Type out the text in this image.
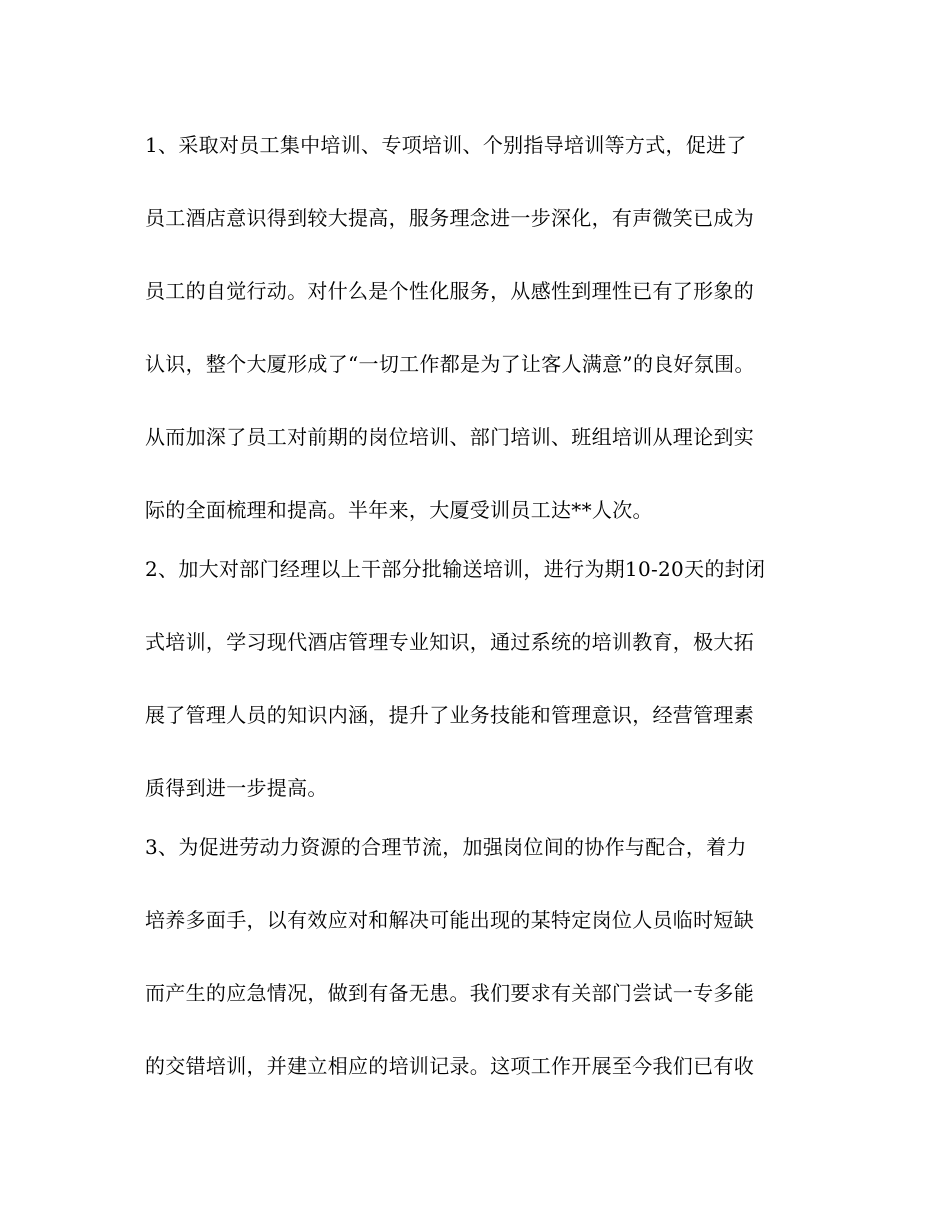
1、采取对员工集中培训、专项培训、个别指导培训等方式，促进了

员工酒店意识得到较大提高，服务理念进一步深化，有声微笑已成为

员工的自觉行动。对什么是个性化服务，从感性到理性已有了形象的

认识，整个大厦形成了“一切工作都是为了让客人满意”的良好氛围。

从而加深了员工对前期的岗位培训、部门培训、班组培训从理论到实

际的全面梳理和提高。半年来，大厦受训员工达**人次。

2、加大对部门经理以上干部分批输送培训，进行为期10-20天的封闭

式培训，学习现代酒店管理专业知识，通过系统的培训教育，极大拓

展了管理人员的知识内涵，提升了业务技能和管理意识，经营管理素

质得到进一步提高。

3、为促进劳动力资源的合理节流，加强岗位间的协作与配合，着力

培养多面手，以有效应对和解决可能出现的某特定岗位人员临时短缺

而产生的应急情况，做到有备无患。我们要求有关部门尝试一专多能

的交错培训，并建立相应的培训记录。这项工作开展至今我们已有收
